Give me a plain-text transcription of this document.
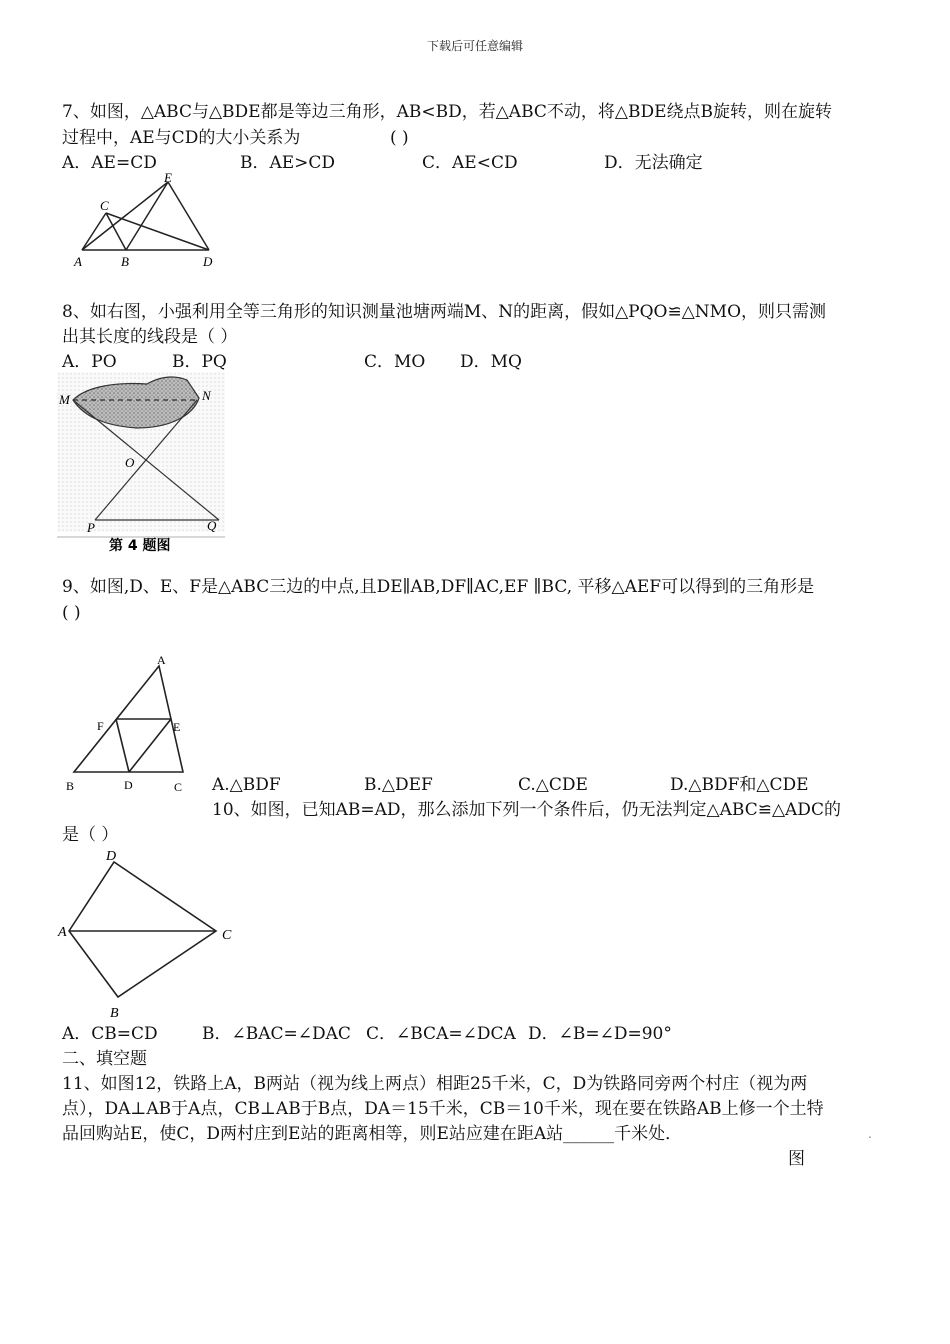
下载后可任意编辑
7、如图，△ABC与△BDE都是等边三角形，AB<BD，若△ABC不动，将△BDE绕点B旋转，则在旋转
过程中，AE与CD的大小关系为	( )
A．AE=CD	B．AE>CD	C．AE<CD	D．无法确定
A	B
C
D
E
8、如右图，小强利用全等三角形的知识测量池塘两端M、N的距离，假如△PQO≌△NMO，则只需测
出其长度的线段是（ ）
A．PO	B．PQ	C．MO D．MQ
M	N
O
P	Q
第 4 题图
9、如图,D、E、F是△ABC三边的中点,且DE∥AB,DF∥AC,EF ∥BC, 平移△AEF可以得到的三角形是
( )
A
B	C
D
E
F
A.△BDF	B.△DEF	C.△CDE	D.△BDF和△CDE
10、如图，已知AB=AD，那么添加下列一个条件后，仍无法判定△ABC≌△ADC的
是（ ）
D
A	C
B
A．CB=CD	B．∠BAC=∠DAC C．∠BCA=∠DCA D．∠B=∠D=90°
二、填空题
11、如图12，铁路上A，B两站（视为线上两点）相距25千米，C，D为铁路同旁两个村庄（视为两
点），DA⊥AB于A点，CB⊥AB于B点，DA＝15千米，CB＝10千米，现在要在铁路AB上修一个土特
品回购站E，使C，D两村庄到E站的距离相等，则E站应建在距A站______千米处．	.
图
